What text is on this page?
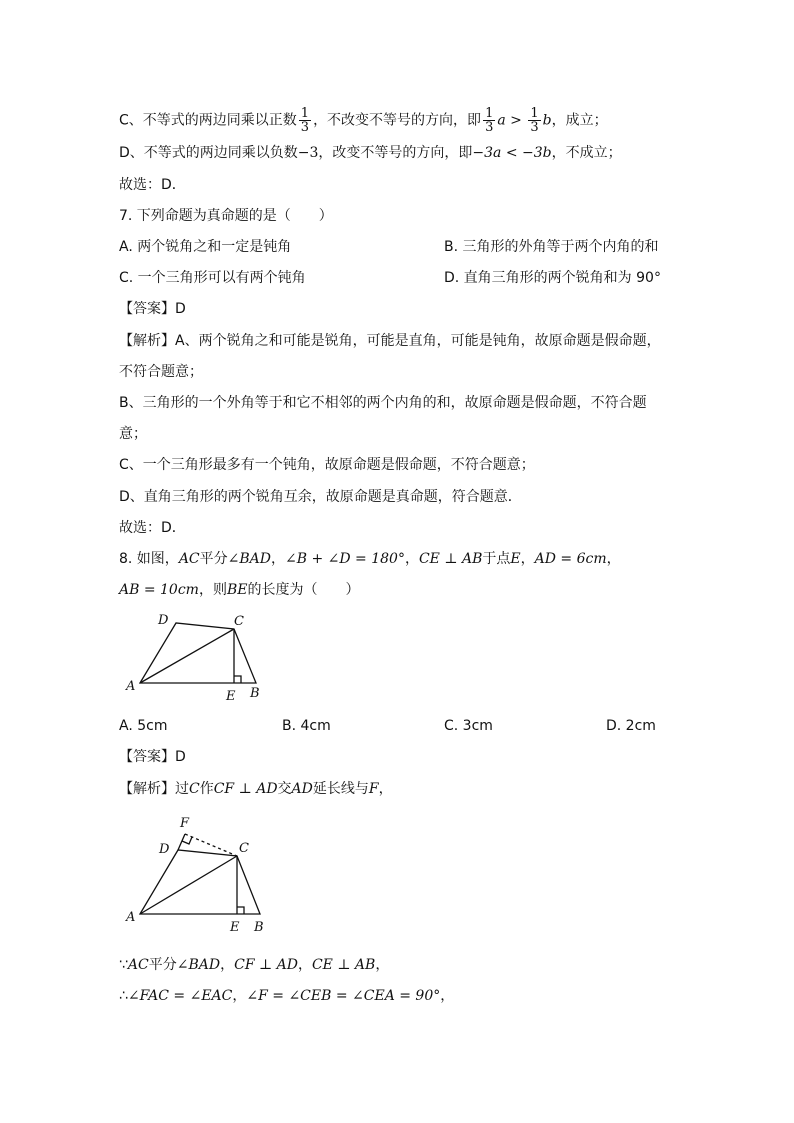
C、不等式的两边同乘以正数 $\frac{1}{3}$ ，不改变不等号的方向，即 $\frac{1}{3}$ $a > \frac{1}{3}$ b，成立；
D、不等式的两边同乘以负数−3，改变不等号的方向，即−3a < −3b，不成立；
故选：D．
7. 下列命题为真命题的是（　　）
A. 两个锐角之和一定是钝角	B. 三角形的外角等于两个内角的和
C. 一个三角形可以有两个钝角	D. 直角三角形的两个锐角和为 90°
【答案】D
【解析】A、两个锐角之和可能是锐角，可能是直角，可能是钝角，故原命题是假命题，
不符合题意；
B、三角形的一个外角等于和它不相邻的两个内角的和，故原命题是假命题，不符合题
意；
C、一个三角形最多有一个钝角，故原命题是假命题，不符合题意；
D、直角三角形的两个锐角互余，故原命题是真命题，符合题意．
故选：D．
8. 如图，AC平分∠BAD，∠B + ∠D = 180°，CE ⊥ AB于点E，AD = 6cm，
AB = 10cm，则BE的长度为（　　）
A
D	C
E B
A. 5cm	B. 4cm	C. 3cm	D. 2cm
【答案】D
【解析】过C作CF ⊥ AD交AD延长线与F，
F
D	C
A
E B
∵AC平分∠BAD，CF ⊥ AD，CE ⊥ AB，
∴∠FAC = ∠EAC，∠F = ∠CEB = ∠CEA = 90°，
